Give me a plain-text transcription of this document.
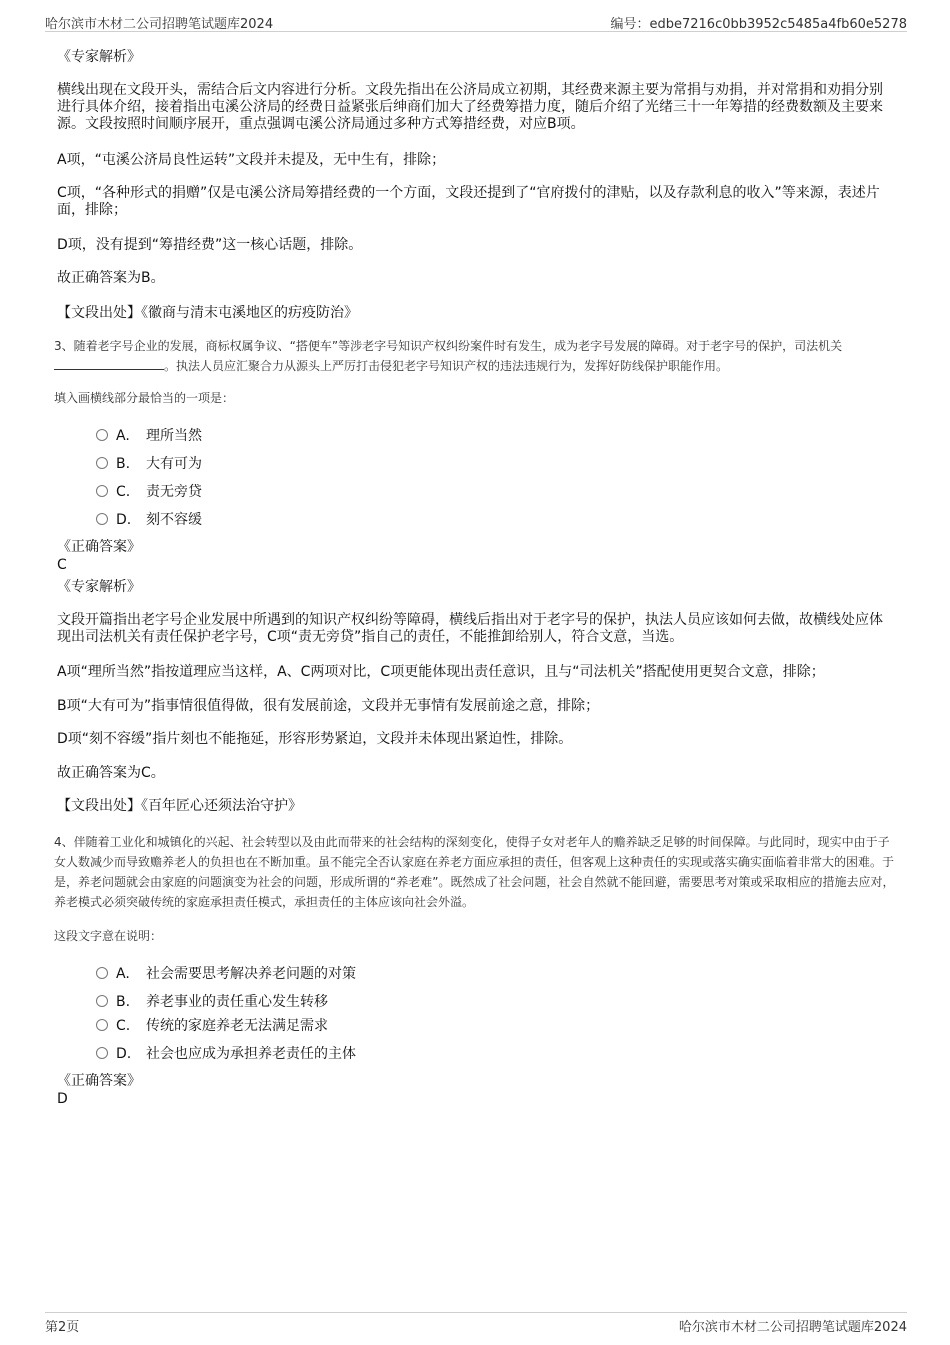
哈尔滨市木材二公司招聘笔试题库2024	编号：edbe7216c0bb3952c5485a4fb60e5278

《专家解析》

横线出现在文段开头，需结合后文内容进行分析。文段先指出在公济局成立初期，其经费来源主要为常捐与劝捐，并对常捐和劝捐分别进行具体介绍，接着指出屯溪公济局的经费日益紧张后绅商们加大了经费筹措力度，随后介绍了光绪三十一年筹措的经费数额及主要来源。文段按照时间顺序展开，重点强调屯溪公济局通过多种方式筹措经费，对应B项。

A项，“屯溪公济局良性运转”文段并未提及，无中生有，排除；

C项，“各种形式的捐赠”仅是屯溪公济局筹措经费的一个方面，文段还提到了“官府拨付的津贴，以及存款利息的收入”等来源，表述片面，排除；

D项，没有提到“筹措经费”这一核心话题，排除。

故正确答案为B。

【文段出处】《徽商与清末屯溪地区的疠疫防治》

3、随着老字号企业的发展，商标权属争议、“搭便车”等涉老字号知识产权纠纷案件时有发生，成为老字号发展的障碍。对于老字号的保护，司法机关。执法人员应汇聚合力从源头上严厉打击侵犯老字号知识产权的违法违规行为，发挥好防线保护职能作用。

填入画横线部分最恰当的一项是：

A. 理所当然
B. 大有可为
C. 责无旁贷
D. 刻不容缓

《正确答案》

C

《专家解析》

文段开篇指出老字号企业发展中所遇到的知识产权纠纷等障碍，横线后指出对于老字号的保护，执法人员应该如何去做，故横线处应体现出司法机关有责任保护老字号，C项“责无旁贷”指自己的责任，不能推卸给别人，符合文意，当选。

A项“理所当然”指按道理应当这样，A、C两项对比，C项更能体现出责任意识，且与“司法机关”搭配使用更契合文意，排除；

B项“大有可为”指事情很值得做，很有发展前途，文段并无事情有发展前途之意，排除；

D项“刻不容缓”指片刻也不能拖延，形容形势紧迫，文段并未体现出紧迫性，排除。

故正确答案为C。

【文段出处】《百年匠心还须法治守护》

4、伴随着工业化和城镇化的兴起、社会转型以及由此而带来的社会结构的深刻变化，使得子女对老年人的赡养缺乏足够的时间保障。与此同时，现实中由于子女人数减少而导致赡养老人的负担也在不断加重。虽不能完全否认家庭在养老方面应承担的责任，但客观上这种责任的实现或落实确实面临着非常大的困难。于是，养老问题就会由家庭的问题演变为社会的问题，形成所谓的“养老难”。既然成了社会问题，社会自然就不能回避，需要思考对策或采取相应的措施去应对，养老模式必须突破传统的家庭承担责任模式，承担责任的主体应该向社会外溢。

这段文字意在说明：

A. 社会需要思考解决养老问题的对策
B. 养老事业的责任重心发生转移
C. 传统的家庭养老无法满足需求
D. 社会也应成为承担养老责任的主体

《正确答案》

D

第2页	哈尔滨市木材二公司招聘笔试题库2024
